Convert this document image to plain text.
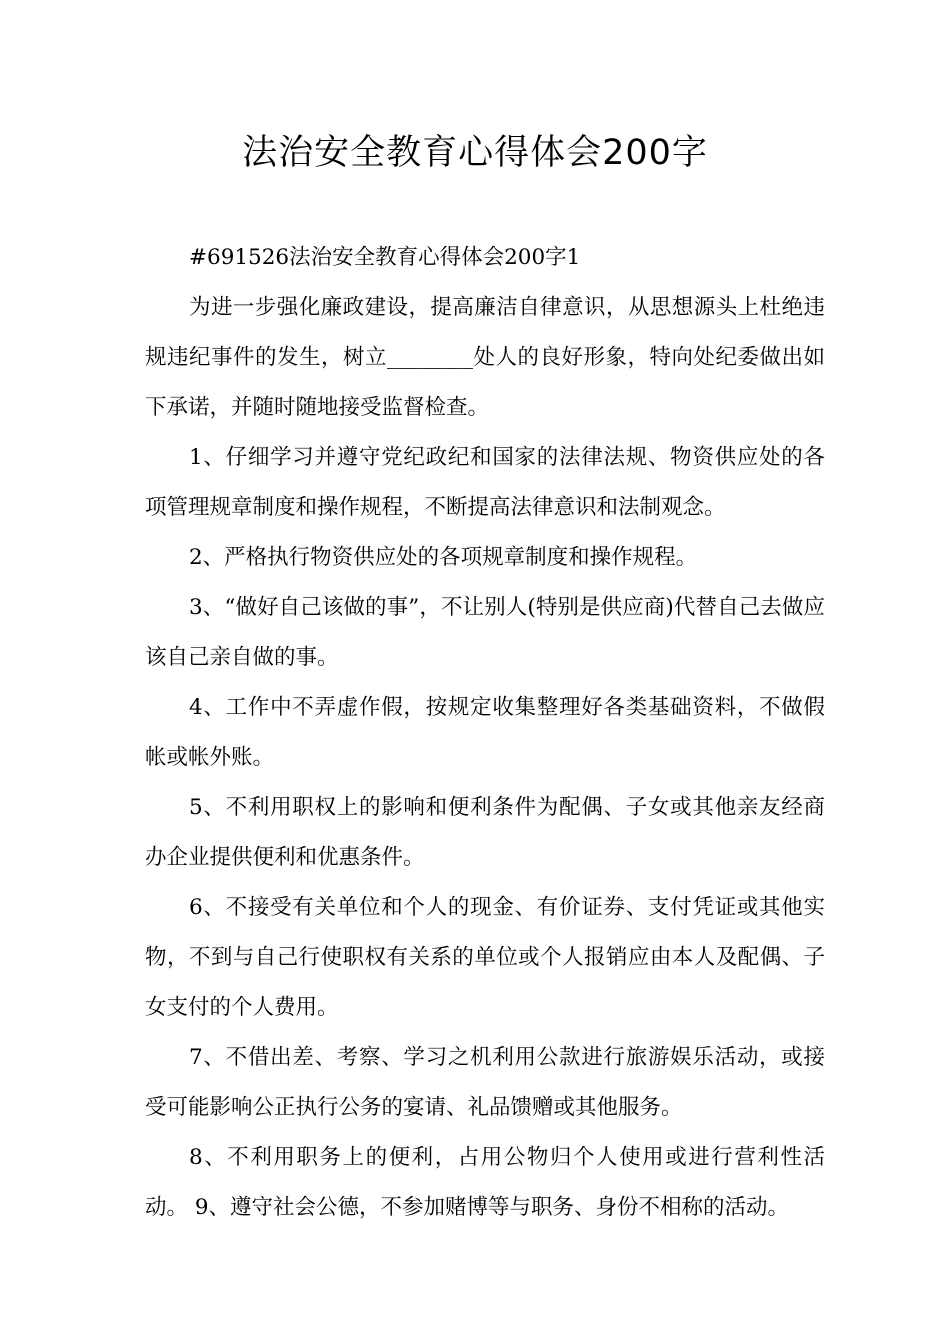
法治安全教育心得体会200字

#691526法治安全教育心得体会200字1

为进一步强化廉政建设，提高廉洁自律意识，从思想源头上杜绝违规违纪事件的发生，树立________处人的良好形象，特向处纪委做出如下承诺，并随时随地接受监督检查。

1、仔细学习并遵守党纪政纪和国家的法律法规、物资供应处的各项管理规章制度和操作规程，不断提高法律意识和法制观念。

2、严格执行物资供应处的各项规章制度和操作规程。

3、“做好自己该做的事”，不让别人(特别是供应商)代替自己去做应该自己亲自做的事。

4、工作中不弄虚作假，按规定收集整理好各类基础资料，不做假帐或帐外账。

5、不利用职权上的影响和便利条件为配偶、子女或其他亲友经商办企业提供便利和优惠条件。

6、不接受有关单位和个人的现金、有价证券、支付凭证或其他实物，不到与自己行使职权有关系的单位或个人报销应由本人及配偶、子女支付的个人费用。

7、不借出差、考察、学习之机利用公款进行旅游娱乐活动，或接受可能影响公正执行公务的宴请、礼品馈赠或其他服务。

8、不利用职务上的便利，占用公物归个人使用或进行营利性活动。 9、遵守社会公德，不参加赌博等与职务、身份不相称的活动。
